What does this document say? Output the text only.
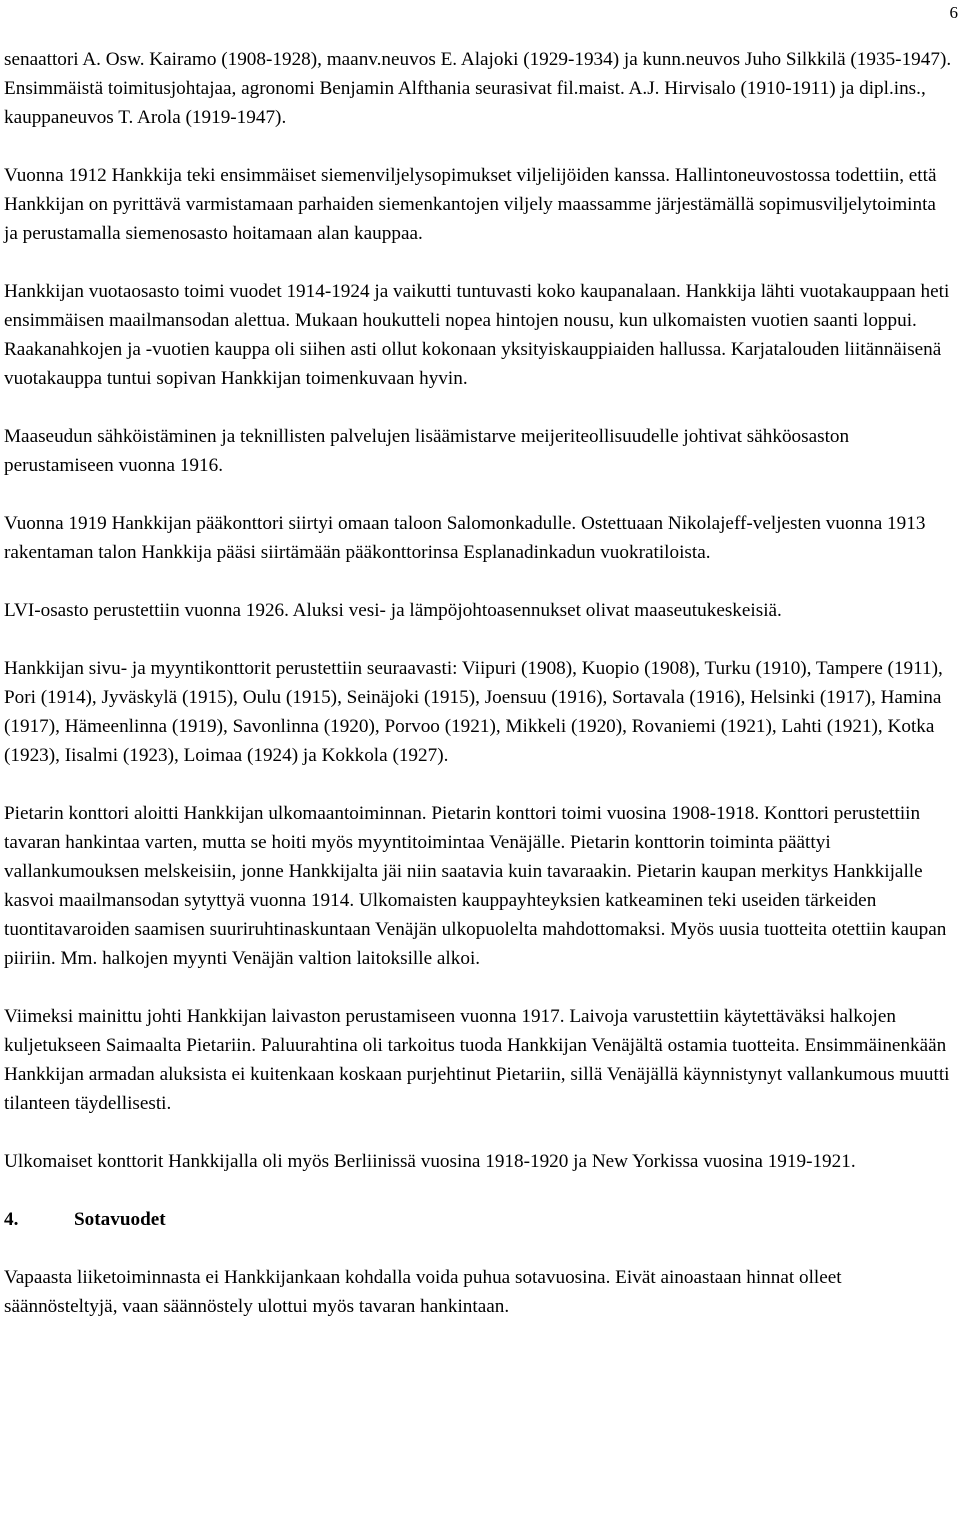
6

senaattori A. Osw. Kairamo (1908-1928), maanv.neuvos E. Alajoki (1929-1934) ja kunn.neuvos Juho Silkkilä (1935-1947). Ensimmäistä toimitusjohtajaa, agronomi Benjamin Alfthania seurasivat fil.maist. A.J. Hirvisalo (1910-1911) ja dipl.ins., kauppaneuvos T. Arola (1919-1947).

Vuonna 1912 Hankkija teki ensimmäiset siemenviljelysopimukset viljelijöiden kanssa. Hallintoneuvostossa todettiin, että Hankkijan on pyrittävä varmistamaan parhaiden siemenkantojen viljely maassamme järjestämällä sopimusviljelytoiminta ja perustamalla siemenosasto hoitamaan alan kauppaa.

Hankkijan vuotaosasto toimi vuodet 1914-1924 ja vaikutti tuntuvasti koko kaupanalaan. Hankkija lähti vuotakauppaan heti ensimmäisen maailmansodan alettua. Mukaan houkutteli nopea hintojen nousu, kun ulkomaisten vuotien saanti loppui. Raakanahkojen ja -vuotien kauppa oli siihen asti ollut kokonaan yksityiskauppiaiden hallussa. Karjatalouden liitännäisenä vuotakauppa tuntui sopivan Hankkijan toimenkuvaan hyvin.

Maaseudun sähköistäminen ja teknillisten palvelujen lisäämistarve meijeriteollisuudelle johtivat sähköosaston perustamiseen vuonna 1916.

Vuonna 1919 Hankkijan pääkonttori siirtyi omaan taloon Salomonkadulle. Ostettuaan Nikolajeff-veljesten vuonna 1913 rakentaman talon Hankkija pääsi siirtämään pääkonttorinsa Esplanadinkadun vuokratiloista.

LVI-osasto perustettiin vuonna 1926. Aluksi vesi- ja lämpöjohtoasennukset olivat maaseutukeskeisiä.

Hankkijan sivu- ja myyntikonttorit perustettiin seuraavasti: Viipuri (1908), Kuopio (1908), Turku (1910), Tampere (1911), Pori (1914), Jyväskylä (1915), Oulu (1915), Seinäjoki (1915), Joensuu (1916), Sortavala (1916), Helsinki (1917), Hamina (1917), Hämeenlinna (1919), Savonlinna (1920), Porvoo (1921), Mikkeli (1920), Rovaniemi (1921), Lahti (1921), Kotka (1923), Iisalmi (1923), Loimaa (1924) ja Kokkola (1927).

Pietarin konttori aloitti Hankkijan ulkomaantoiminnan. Pietarin konttori toimi vuosina 1908-1918. Konttori perustettiin tavaran hankintaa varten, mutta se hoiti myös myyntitoimintaa Venäjälle. Pietarin konttorin toiminta päättyi vallankumouksen melskeisiin, jonne Hankkijalta jäi niin saatavia kuin tavaraakin. Pietarin kaupan merkitys Hankkijalle kasvoi maailmansodan sytyttyä vuonna 1914. Ulkomaisten kauppayhteyksien katkeaminen teki useiden tärkeiden tuontitavaroiden saamisen suuriruhtinaskuntaan Venäjän ulkopuolelta mahdottomaksi. Myös uusia tuotteita otettiin kaupan piiriin. Mm. halkojen myynti Venäjän valtion laitoksille alkoi.

Viimeksi mainittu johti Hankkijan laivaston perustamiseen vuonna 1917. Laivoja varustettiin käytettäväksi halkojen kuljetukseen Saimaalta Pietariin. Paluurahtina oli tarkoitus tuoda Hankkijan Venäjältä ostamia tuotteita. Ensimmäinenkään Hankkijan armadan aluksista ei kuitenkaan koskaan purjehtinut Pietariin, sillä Venäjällä käynnistynyt vallankumous muutti tilanteen täydellisesti.

Ulkomaiset konttorit Hankkijalla oli myös Berliinissä vuosina 1918-1920 ja New Yorkissa vuosina 1919-1921.

4.	Sotavuodet

Vapaasta liiketoiminnasta ei Hankkijankaan kohdalla voida puhua sotavuosina. Eivät ainoastaan hinnat olleet säännösteltyjä, vaan säännöstely ulottui myös tavaran hankintaan.
